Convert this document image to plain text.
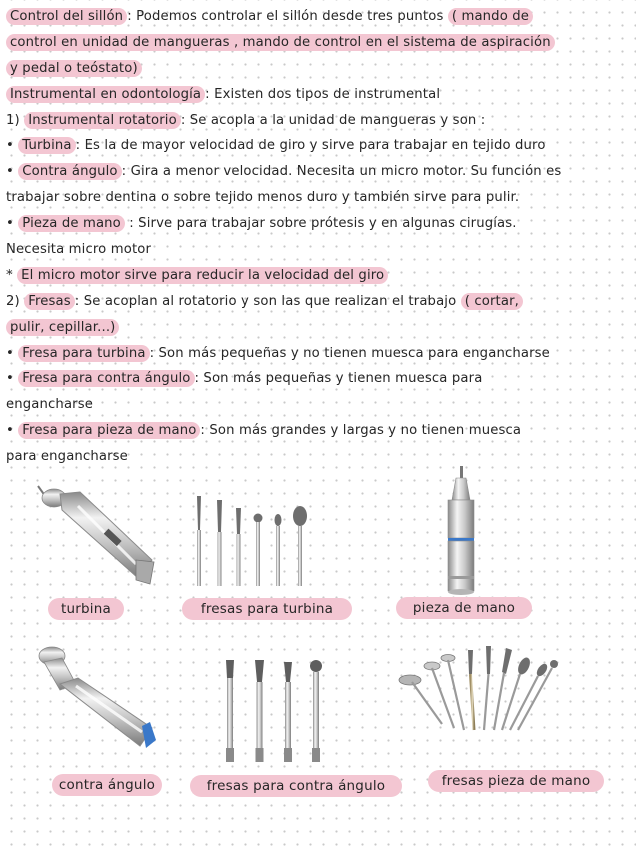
Control del sillón : Podemos controlar el sillón desde tres puntos ( mando de
control en unidad de mangueras , mando de control en el sistema de aspiración
y pedal o teóstato)
Instrumental en odontología : Existen dos tipos de instrumental
1) Instrumental rotatorio : Se acopla a la unidad de mangueras y son :
• Turbina : Es la de mayor velocidad de giro y sirve para trabajar en tejido duro
• Contra ángulo : Gira a menor velocidad. Necesita un micro motor. Su función es
trabajar sobre dentina o sobre tejido menos duro y también sirve para pulir.
• Pieza de mano : Sirve para trabajar sobre prótesis y en algunas cirugías.
Necesita micro motor
* El micro motor sirve para reducir la velocidad del giro
2) Fresas : Se acoplan al rotatorio y son las que realizan el trabajo ( cortar,
pulir, cepillar...)
• Fresa para turbina : Son más pequeñas y no tienen muesca para engancharse
• Fresa para contra ángulo : Son más pequeñas y tienen muesca para
engancharse
• Fresa para pieza de mano : Son más grandes y largas y no tienen muesca
para engancharse
turbina	fresas para turbina	pieza de mano
contra ángulo	fresas para contra ángulo	fresas pieza de mano
